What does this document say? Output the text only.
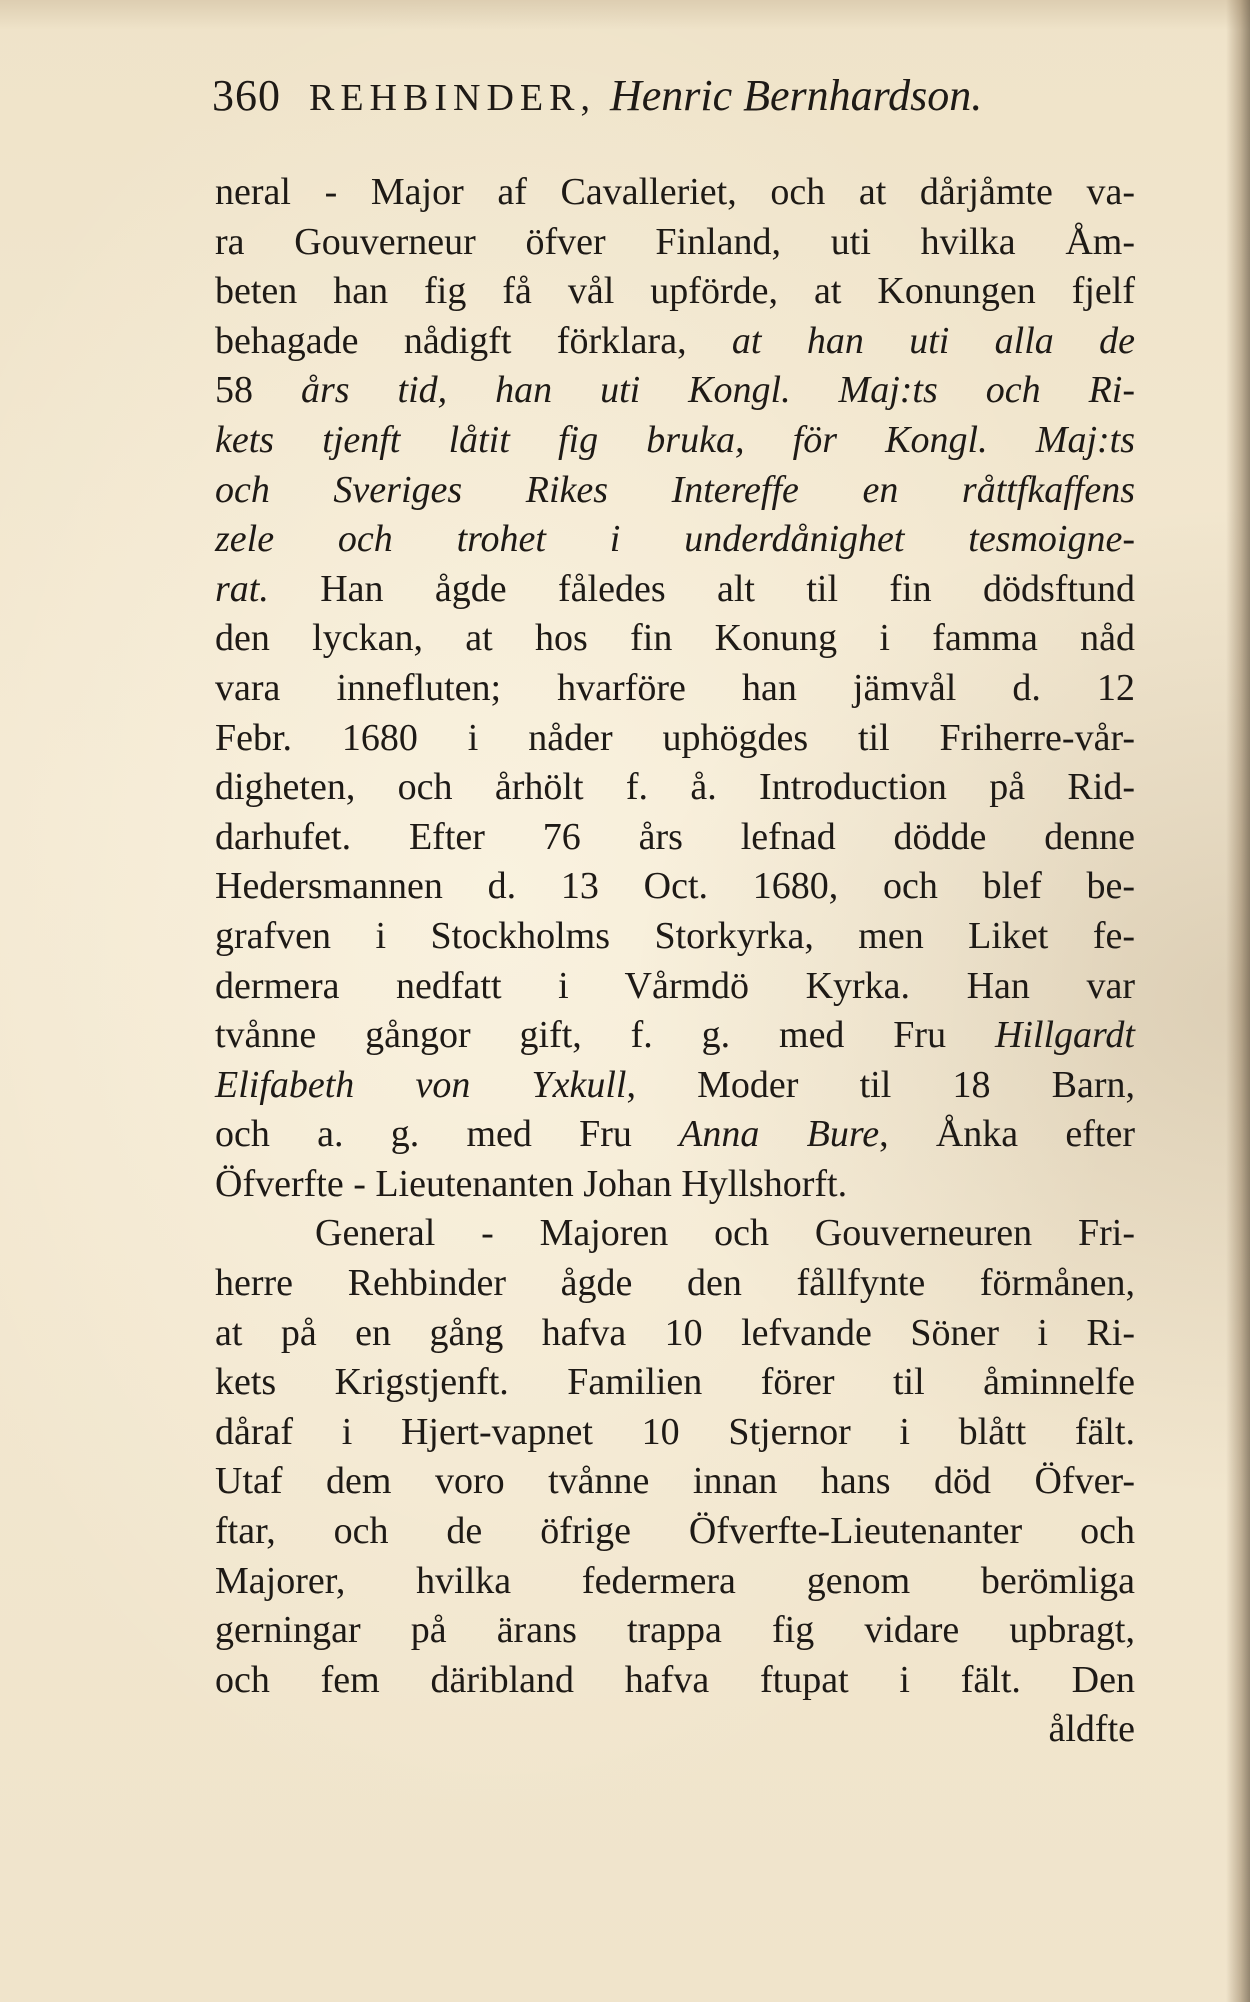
360 REHBINDER, Henric Bernhardson.
neral - Major af Cavalleriet, och at dårjåmte va-
ra Gouverneur öfver Finland, uti hvilka Åm-
beten han fig få vål upförde, at Konungen fjelf
behagade nådigft förklara, at han uti alla de
58 års tid, han uti Kongl. Maj:ts och Ri-
kets tjenft låtit fig bruka, för Kongl. Maj:ts
och Sveriges Rikes Intereffe en råttfkaffens
zele och trohet i underdånighet tesmoigne-
rat. Han ågde fåledes alt til fin dödsftund
den lyckan, at hos fin Konung i famma nåd
vara innefluten; hvarföre han jämvål d. 12
Febr. 1680 i nåder uphögdes til Friherre-vår-
digheten, och århölt f. å. Introduction på Rid-
darhufet. Efter 76 års lefnad dödde denne
Hedersmannen d. 13 Oct. 1680, och blef be-
grafven i Stockholms Storkyrka, men Liket fe-
dermera nedfatt i Vårmdö Kyrka. Han var
tvånne gångor gift, f. g. med Fru Hillgardt
Elifabeth von Yxkull, Moder til 18 Barn,
och a. g. med Fru Anna Bure, Ånka efter
Öfverfte - Lieutenanten Johan Hyllshorft.
General - Majoren och Gouverneuren Fri-
herre Rehbinder ågde den fållfynte förmånen,
at på en gång hafva 10 lefvande Söner i Ri-
kets Krigstjenft. Familien förer til åminnelfe
dåraf i Hjert-vapnet 10 Stjernor i blått fält.
Utaf dem voro tvånne innan hans död Öfver-
ftar, och de öfrige Öfverfte-Lieutenanter och
Majorer, hvilka federmera genom berömliga
gerningar på ärans trappa fig vidare upbragt,
och fem däribland hafva ftupat i fält. Den
åldfte
